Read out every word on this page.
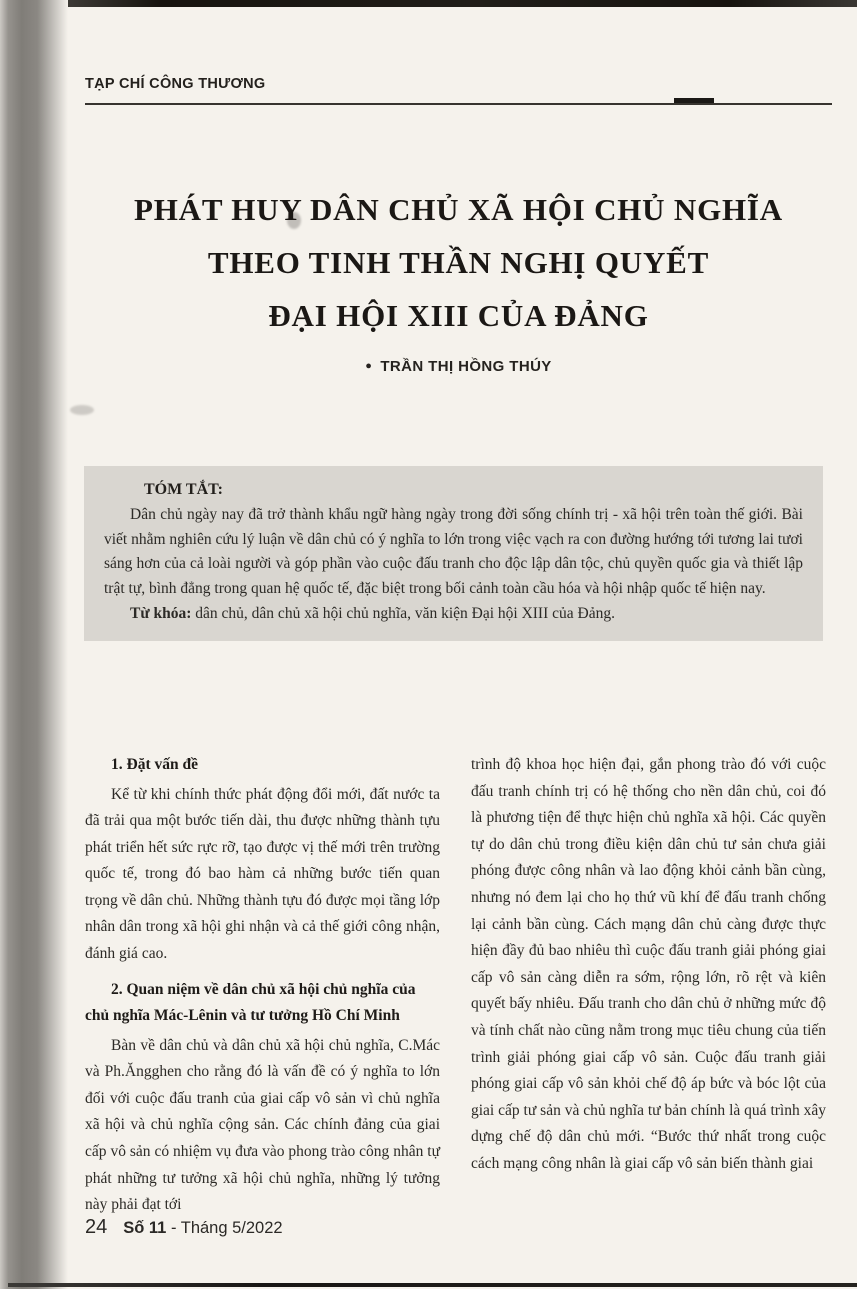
TẠP CHÍ CÔNG THƯƠNG
PHÁT HUY DÂN CHỦ XÃ HỘI CHỦ NGHĨA
THEO TINH THẦN NGHỊ QUYẾT
ĐẠI HỘI XIII CỦA ĐẢNG
● TRẦN THỊ HỒNG THÚY
TÓM TẮT:

Dân chủ ngày nay đã trở thành khẩu ngữ hàng ngày trong đời sống chính trị - xã hội trên toàn thế giới. Bài viết nhằm nghiên cứu lý luận về dân chủ có ý nghĩa to lớn trong việc vạch ra con đường hướng tới tương lai tươi sáng hơn của cả loài người và góp phần vào cuộc đấu tranh cho độc lập dân tộc, chủ quyền quốc gia và thiết lập trật tự, bình đẳng trong quan hệ quốc tế, đặc biệt trong bối cảnh toàn cầu hóa và hội nhập quốc tế hiện nay.

Từ khóa: dân chủ, dân chủ xã hội chủ nghĩa, văn kiện Đại hội XIII của Đảng.

1. Đặt vấn đề

Kể từ khi chính thức phát động đổi mới, đất nước ta đã trải qua một bước tiến dài, thu được những thành tựu phát triển hết sức rực rỡ, tạo được vị thế mới trên trường quốc tế, trong đó bao hàm cả những bước tiến quan trọng về dân chủ. Những thành tựu đó được mọi tầng lớp nhân dân trong xã hội ghi nhận và cả thế giới công nhận, đánh giá cao.

2. Quan niệm về dân chủ xã hội chủ nghĩa của chủ nghĩa Mác-Lênin và tư tưởng Hồ Chí Minh

Bàn về dân chủ và dân chủ xã hội chủ nghĩa, C.Mác và Ph.Ăngghen cho rằng đó là vấn đề có ý nghĩa to lớn đối với cuộc đấu tranh của giai cấp vô sản vì chủ nghĩa xã hội và chủ nghĩa cộng sản. Các chính đảng của giai cấp vô sản có nhiệm vụ đưa vào phong trào công nhân tự phát những tư tưởng xã hội chủ nghĩa, những lý tưởng này phải đạt tới

trình độ khoa học hiện đại, gắn phong trào đó với cuộc đấu tranh chính trị có hệ thống cho nền dân chủ, coi đó là phương tiện để thực hiện chủ nghĩa xã hội. Các quyền tự do dân chủ trong điều kiện dân chủ tư sản chưa giải phóng được công nhân và lao động khỏi cảnh bần cùng, nhưng nó đem lại cho họ thứ vũ khí để đấu tranh chống lại cảnh bần cùng. Cách mạng dân chủ càng được thực hiện đầy đủ bao nhiêu thì cuộc đấu tranh giải phóng giai cấp vô sản càng diễn ra sớm, rộng lớn, rõ rệt và kiên quyết bấy nhiêu. Đấu tranh cho dân chủ ở những mức độ và tính chất nào cũng nằm trong mục tiêu chung của tiến trình giải phóng giai cấp vô sản. Cuộc đấu tranh giải phóng giai cấp vô sản khỏi chế độ áp bức và bóc lột của giai cấp tư sản và chủ nghĩa tư bản chính là quá trình xây dựng chế độ dân chủ mới. “Bước thứ nhất trong cuộc cách mạng công nhân là giai cấp vô sản biến thành giai

24 Số 11 - Tháng 5/2022
